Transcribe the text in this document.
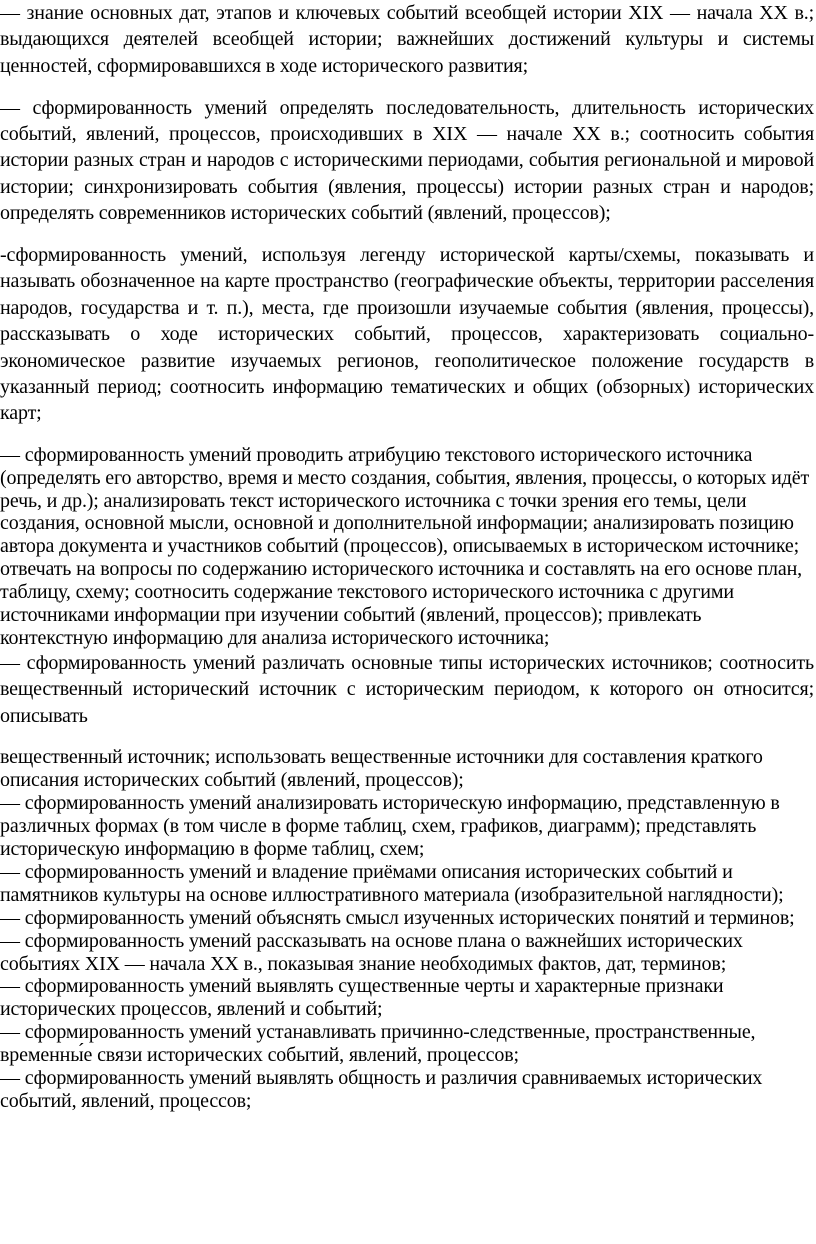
— знание основных дат, этапов и ключевых событий всеобщей истории XIX — начала XX в.; выдающихся деятелей всеобщей истории; важнейших достижений культуры и системы ценностей, сформировавшихся в ходе исторического развития;

— сформированность умений определять последовательность, длительность исторических событий, явлений, процессов, происходивших в XIX — начале XX в.; соотносить события истории разных стран и народов с историческими периодами, события региональной и мировой истории; синхронизировать события (явления, процессы) истории разных стран и народов; определять современников исторических событий (явлений, процессов);

-сформированность умений, используя легенду исторической карты/схемы, показывать и называть обозначенное на карте пространство (географические объекты, территории расселения народов, государства и т. п.), места, где произошли изучаемые события (явления, процессы), рассказывать о ходе исторических событий, процессов, характеризовать социально-экономическое развитие изучаемых регионов, геополитическое положение государств в указанный период; соотносить информацию тематических и общих (обзорных) исторических карт;

— сформированность умений проводить атрибуцию текстового исторического источника (определять его авторство, время и место создания, события, явления, процессы, о которых идёт речь, и др.); анализировать текст исторического источника с точки зрения его темы, цели создания, основной мысли, основной и дополнительной информации; анализировать позицию автора документа и участников событий (процессов), описываемых в историческом источнике; отвечать на вопросы по содержанию исторического источника и составлять на его основе план, таблицу, схему; соотносить содержание текстового исторического источника с другими источниками информации при изучении событий (явлений, процессов); привлекать контекстную информацию для анализа исторического источника;

— сформированность умений различать основные типы исторических источников; соотносить вещественный исторический источник с историческим периодом, к которого он относится; описывать

вещественный источник; использовать вещественные источники для составления краткого описания исторических событий (явлений, процессов);
— сформированность умений анализировать историческую информацию, представленную в различных формах (в том числе в форме таблиц, схем, графиков, диаграмм); представлять историческую информацию в форме таблиц, схем;
— сформированность умений и владение приёмами описания исторических событий и памятников культуры на основе иллюстративного материала (изобразительной наглядности);
— сформированность умений объяснять смысл изученных исторических понятий и терминов;
— сформированность умений рассказывать на основе плана о важнейших исторических событиях XIX — начала XX в., показывая знание необходимых фактов, дат, терминов;
— сформированность умений выявлять существенные черты и характерные признаки исторических процессов, явлений и событий;
— сформированность умений устанавливать причинно-следственные, пространственные, временны́е связи исторических событий, явлений, процессов;
— сформированность умений выявлять общность и различия сравниваемых исторических событий, явлений, процессов;
